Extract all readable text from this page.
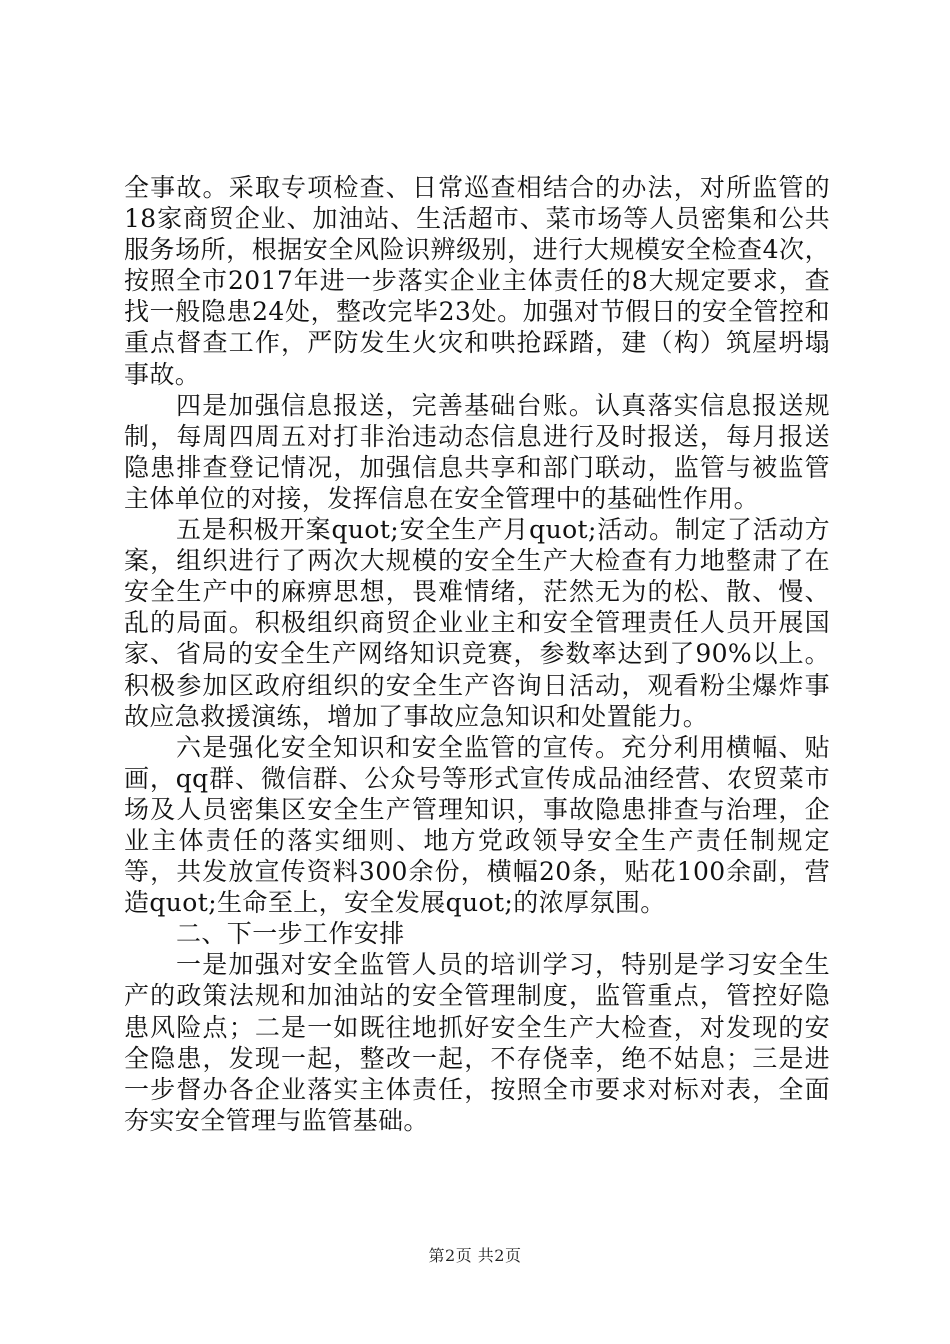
全事故。采取专项检查、日常巡查相结合的办法，对所监管的18家商贸企业、加油站、生活超市、菜市场等人员密集和公共服务场所，根据安全风险识辨级别，进行大规模安全检查4次，按照全市2017年进一步落实企业主体责任的8大规定要求，查找一般隐患24处，整改完毕23处。加强对节假日的安全管控和重点督查工作，严防发生火灾和哄抢踩踏，建（构）筑屋坍塌事故。

四是加强信息报送，完善基础台账。认真落实信息报送规制，每周四周五对打非治违动态信息进行及时报送，每月报送隐患排查登记情况，加强信息共享和部门联动，监管与被监管主体单位的对接，发挥信息在安全管理中的基础性作用。

五是积极开案quot;安全生产月quot;活动。制定了活动方案，组织进行了两次大规模的安全生产大检查有力地整肃了在安全生产中的麻痹思想，畏难情绪，茫然无为的松、散、慢、乱的局面。积极组织商贸企业业主和安全管理责任人员开展国家、省局的安全生产网络知识竞赛，参数率达到了90%以上。积极参加区政府组织的安全生产咨询日活动，观看粉尘爆炸事故应急救援演练，增加了事故应急知识和处置能力。

六是强化安全知识和安全监管的宣传。充分利用横幅、贴画，qq群、微信群、公众号等形式宣传成品油经营、农贸菜市场及人员密集区安全生产管理知识，事故隐患排查与治理，企业主体责任的落实细则、地方党政领导安全生产责任制规定等，共发放宣传资料300余份，横幅20条，贴花100余副，营造quot;生命至上，安全发展quot;的浓厚氛围。

二、下一步工作安排

一是加强对安全监管人员的培训学习，特别是学习安全生产的政策法规和加油站的安全管理制度，监管重点，管控好隐患风险点；二是一如既往地抓好安全生产大检查，对发现的安全隐患，发现一起，整改一起，不存侥幸，绝不姑息；三是进一步督办各企业落实主体责任，按照全市要求对标对表，全面夯实安全管理与监管基础。

第2页 共2页
